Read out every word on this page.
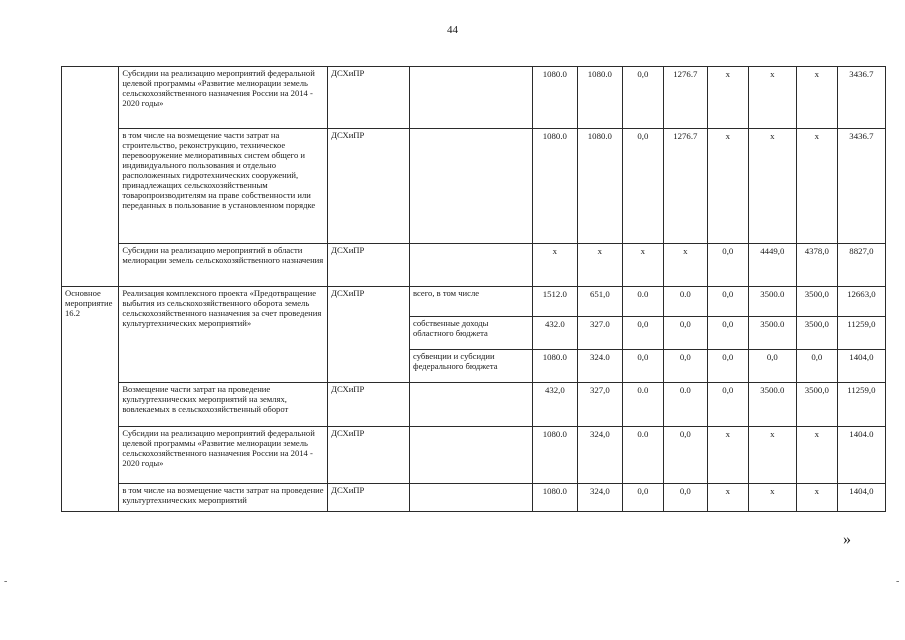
44
	Субсидии на реализацию мероприятий федеральной целевой программы «Развитие мелиорации земель сельскохозяйственного назначения России на 2014 - 2020 годы»	ДСХиПР		1080.0	1080.0	0,0	1276.7	x	x	x	3436.7
	в том числе на возмещение части затрат на строительство, реконструкцию, техническое перевооружение мелиоративных систем общего и индивидуального пользования и отдельно расположенных гидротехнических сооружений, принадлежащих сельскохозяйственным товаропроизводителям на праве собственности или переданных в пользование в установленном порядке	ДСХиПР		1080.0	1080.0	0,0	1276.7	x	x	x	3436.7
	Субсидии на реализацию мероприятий в области мелиорации земель сельскохозяйственного назначения	ДСХиПР		x	x	x	x	0,0	4449,0	4378,0	8827,0
Основное мероприятие 16.2	Реализация комплексного проекта «Предотвращение выбытия из сельскохозяйственного оборота земель сельскохозяйственного назначения за счет проведения культуртехнических мероприятий»	ДСХиПР	всего, в том числе	1512.0	651,0	0.0	0.0	0,0	3500.0	3500,0	12663,0
			собственные доходы областного бюджета	432.0	327.0	0,0	0,0	0,0	3500.0	3500,0	11259,0
			субвенции и субсидии федерального бюджета	1080.0	324.0	0,0	0,0	0,0	0,0	0,0	1404,0
	Возмещение части затрат на проведение культуртехнических мероприятий на землях, вовлекаемых в сельскохозяйственный оборот	ДСХиПР		432,0	327,0	0.0	0.0	0,0	3500.0	3500,0	11259,0
	Субсидии на реализацию мероприятий федеральной целевой программы «Развитие мелиорации земель сельскохозяйственного назначения России на 2014 - 2020 годы»	ДСХиПР		1080.0	324,0	0.0	0,0	x	x	x	1404.0
	в том числе на возмещение части затрат на проведение культуртехнических мероприятий	ДСХиПР		1080.0	324,0	0,0	0,0	x	x	x	1404,0
»
-	-
